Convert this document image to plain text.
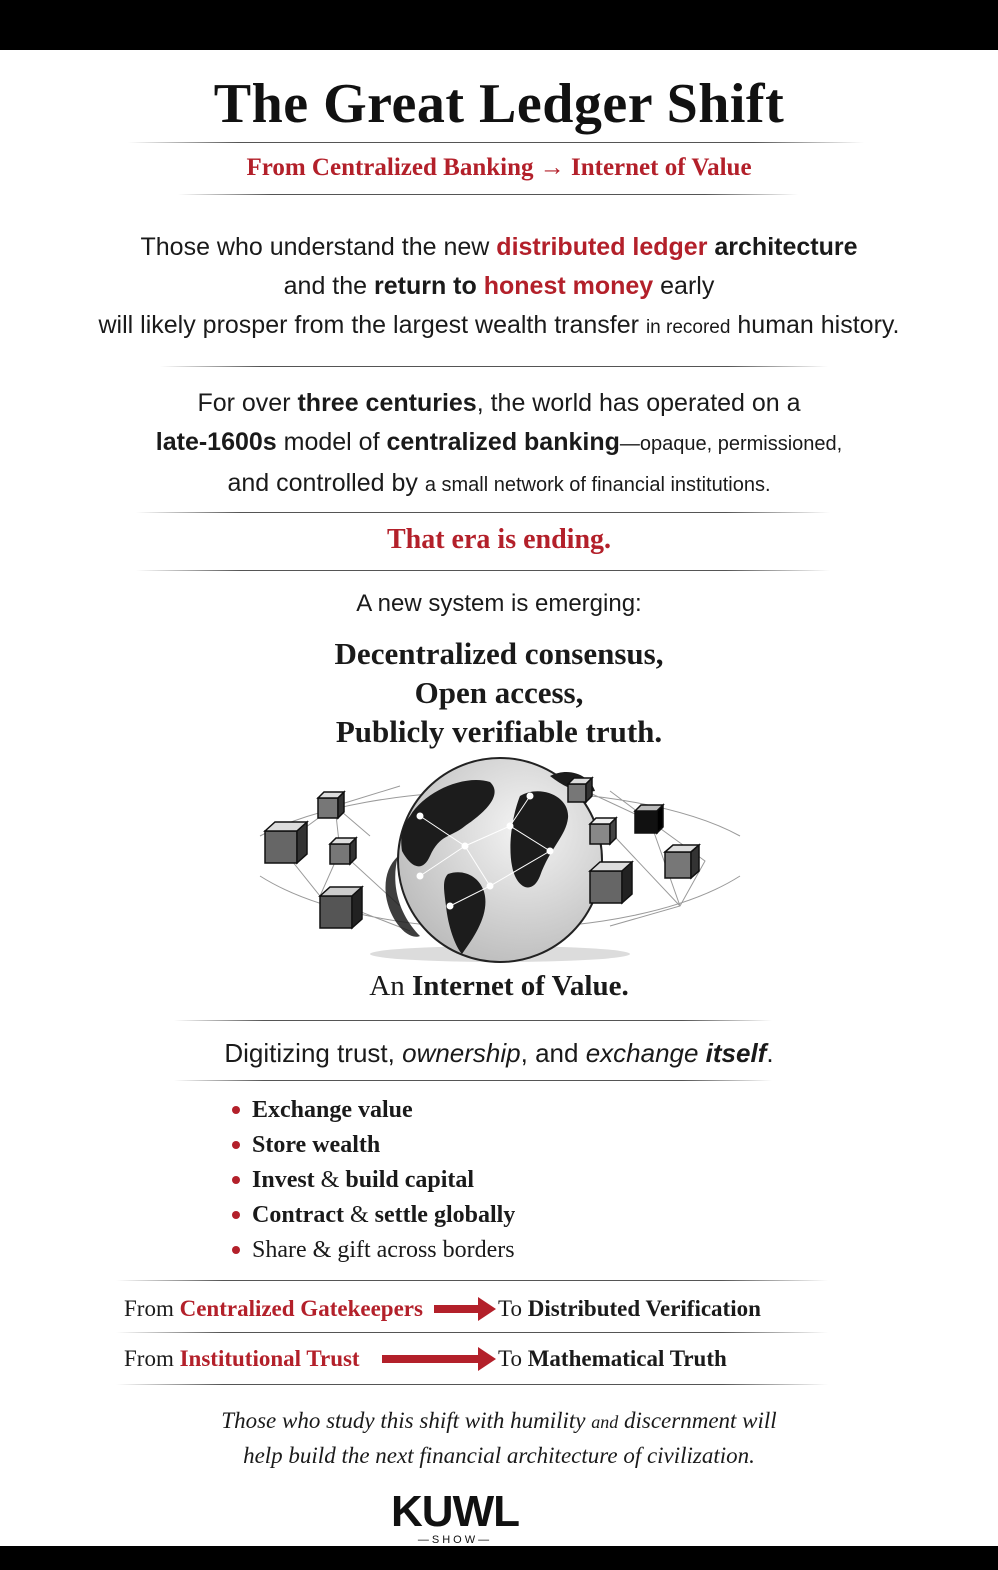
The Great Ledger Shift
From Centralized Banking → Internet of Value
Those who understand the new distributed ledger architecture
and the return to honest money early
will likely prosper from the largest wealth transfer in recored human history.
For over three centuries, the world has operated on a
late-1600s model of centralized banking—opaque, permissioned,
and controlled by a small network of financial institutions.
That era is ending.
A new system is emerging:
Decentralized consensus,
Open access,
Publicly verifiable truth.
An Internet of Value.
Digitizing trust, ownership, and exchange itself.
Exchange value
Store wealth
Invest & build capital
Contract & settle globally
Share & gift across borders
From Centralized Gatekeepers	To Distributed Verification
From Institutional Trust	To Mathematical Truth
Those who study this shift with humility and discernment will
help build the next financial architecture of civilization.
KUWL
—SHOW—
